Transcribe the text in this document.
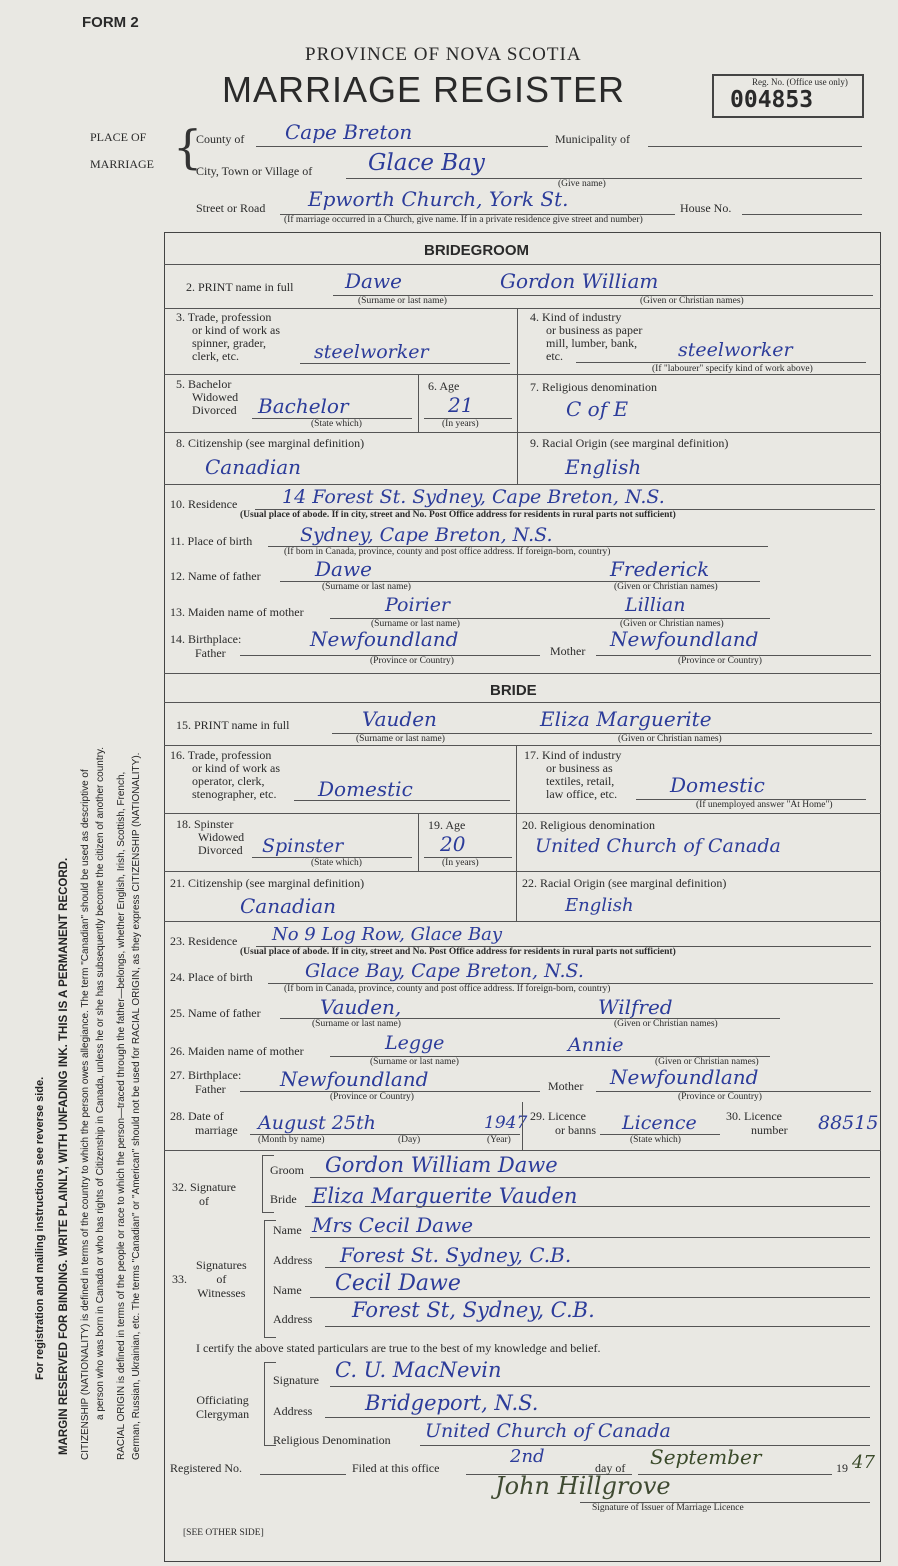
For registration and mailing instructions see reverse side. MARGIN RESERVED FOR BINDING. WRITE PLAINLY, WITH UNFADING INK. THIS IS A PERMANENT RECORD. CITIZENSHIP (NATIONALITY) is defined in terms of the country to which the person owes allegiance. The term "Canadian" should be used as descriptive of a person who was born in Canada or who has rights of Citizenship in Canada, unless he or she has subsequently become the citizen of another country. RACIAL ORIGIN is defined in terms of the people or race to which the person—traced through the father—belongs, whether English, Irish, Scottish, French, German, Russian, Ukrainian, etc. The terms "Canadian" or "American" should not be used for RACIAL ORIGIN, as they express CITIZENSHIP (NATIONALITY).
FORM 2
PROVINCE OF NOVA SCOTIA
MARRIAGE REGISTER	Reg. No. (Office use only)
004853
PLACE OF
MARRIAGE {
County of Cape Breton	Municipality of
City, Town or Village of Glace Bay
(Give name)
Street or Road Epworth Church, York St.	House No.
(If marriage occurred in a Church, give name. If in a private residence give street and number)
BRIDEGROOM
2. PRINT name in full	Dawe	Gordon William
(Surname or last name)	(Given or Christian names)
3. Trade, profession
or kind of work as
spinner, grader,
clerk, etc.	steelworker
4. Kind of industry
or business as paper
mill, lumber, bank,
etc.	steelworker
(If "labourer" specify kind of work above)
5. Bachelor
Widowed
Divorced Bachelor
(State which)
6. Age
21
(In years)
7. Religious denomination
C of E
8. Citizenship (see marginal definition)
Canadian
9. Racial Origin (see marginal definition)
English
10. Residence 14 Forest St. Sydney, Cape Breton, N.S.
(Usual place of abode. If in city, street and No. Post Office address for residents in rural parts not sufficient)
11. Place of birth	Sydney, Cape Breton, N.S.
(If born in Canada, province, county and post office address. If foreign-born, country)
12. Name of father	Dawe	Frederick
(Surname or last name)	(Given or Christian names)
13. Maiden name of mother	Poirier	Lillian
(Surname or last name)	(Given or Christian names)
14. Birthplace:
Father
Newfoundland	Mother Newfoundland
(Province or Country)	(Province or Country)
BRIDE
15. PRINT name in full	Vauden	Eliza Marguerite
(Surname or last name)	(Given or Christian names)
16. Trade, profession
or kind of work as
operator, clerk,
stenographer, etc. Domestic
17. Kind of industry
or business as
textiles, retail,
law office, etc.	Domestic
(If unemployed answer "At Home")
18. Spinster
Widowed
Divorced Spinster
(State which)
19. Age
20
(In years)
20. Religious denomination
United Church of Canada
21. Citizenship (see marginal definition)
Canadian
22. Racial Origin (see marginal definition)
English
23. Residence No 9 Log Row, Glace Bay
(Usual place of abode. If in city, street and No. Post Office address for residents in rural parts not sufficient)
24. Place of birth	Glace Bay, Cape Breton, N.S.
(If born in Canada, province, county and post office address. If foreign-born, country)
25. Name of father	Vauden,	Wilfred
(Surname or last name)	(Given or Christian names)
26. Maiden name of mother	Legge	Annie
(Surname or last name)	(Given or Christian names)
27. Birthplace:
Father	Newfoundland	Mother Newfoundland
(Province or Country)	(Province or Country)
28. Date of
marriage August 25th	1947
(Month by name)	(Day)	(Year)
29. Licence
or banns Licence
(State which)
30. Licence
number 88515
32. Signature
of
Groom Gordon William Dawe
Bride Eliza Marguerite Vauden
Signatures
of
Witnesses
33.
Name Mrs Cecil Dawe
Address Forest St. Sydney, C.B.
Name Cecil Dawe
Address Forest St, Sydney, C.B.
I certify the above stated particulars are true to the best of my knowledge and belief.
Officiating
Clergyman
Signature C. U. MacNevin
Address	Bridgeport, N.S.
Religious Denomination United Church of Canada
Registered No.	Filed at this office
2nd
day of September	19 47
John Hillgrove
Signature of Issuer of Marriage Licence
[SEE OTHER SIDE]
